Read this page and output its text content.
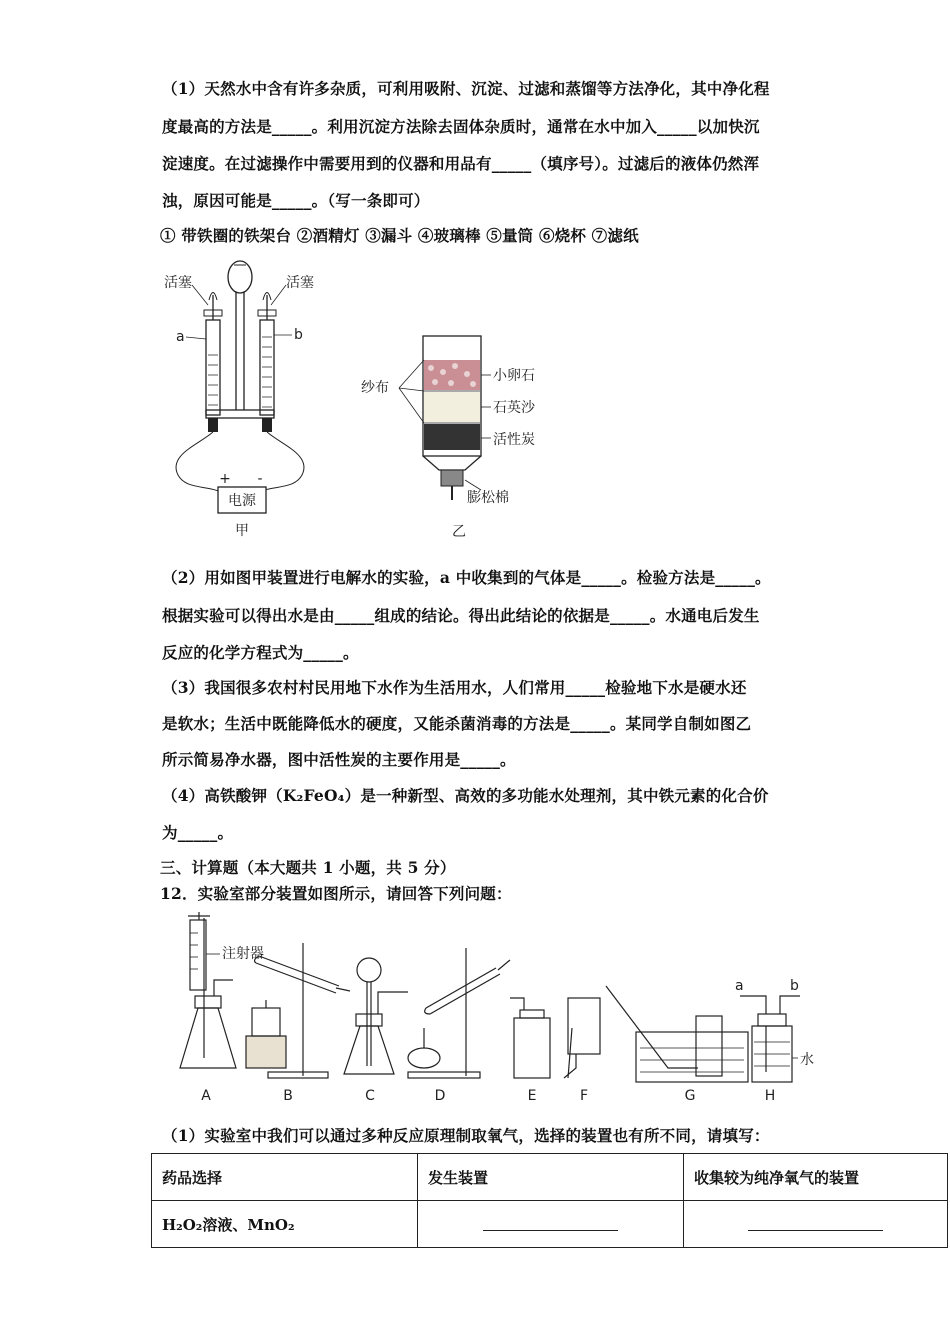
（1）天然水中含有许多杂质，可利用吸附、沉淀、过滤和蒸馏等方法净化，其中净化程
度最高的方法是_____。利用沉淀方法除去固体杂质时，通常在水中加入_____以加快沉
淀速度。在过滤操作中需要用到的仪器和用品有_____（填序号）。过滤后的液体仍然浑
浊，原因可能是_____。（写一条即可）
① 带铁圈的铁架台 ②酒精灯 ③漏斗 ④玻璃棒 ⑤量筒 ⑥烧杯 ⑦滤纸
电源
+ -
活塞	活塞
a	b
甲
纱布
小卵石
石英沙
活性炭
膨松棉
乙
（2）用如图甲装置进行电解水的实验，a 中收集到的气体是_____。检验方法是_____。
根据实验可以得出水是由_____组成的结论。得出此结论的依据是_____。水通电后发生
反应的化学方程式为_____。
（3）我国很多农村村民用地下水作为生活用水，人们常用_____检验地下水是硬水还
是软水；生活中既能降低水的硬度，又能杀菌消毒的方法是_____。某同学自制如图乙
所示简易净水器，图中活性炭的主要作用是_____。
（4）高铁酸钾（K₂FeO₄）是一种新型、高效的多功能水处理剂，其中铁元素的化合价
为_____。
三、计算题（本大题共 1 小题，共 5 分）
12．实验室部分装置如图所示，请回答下列问题：
注射器
a	b
水
A	B	C	D	E	F	G	H
（1）实验室中我们可以通过多种反应原理制取氧气，选择的装置也有所不同，请填写：
药品选择	发生装置	收集较为纯净氧气的装置
H₂O₂溶液、MnO₂		
